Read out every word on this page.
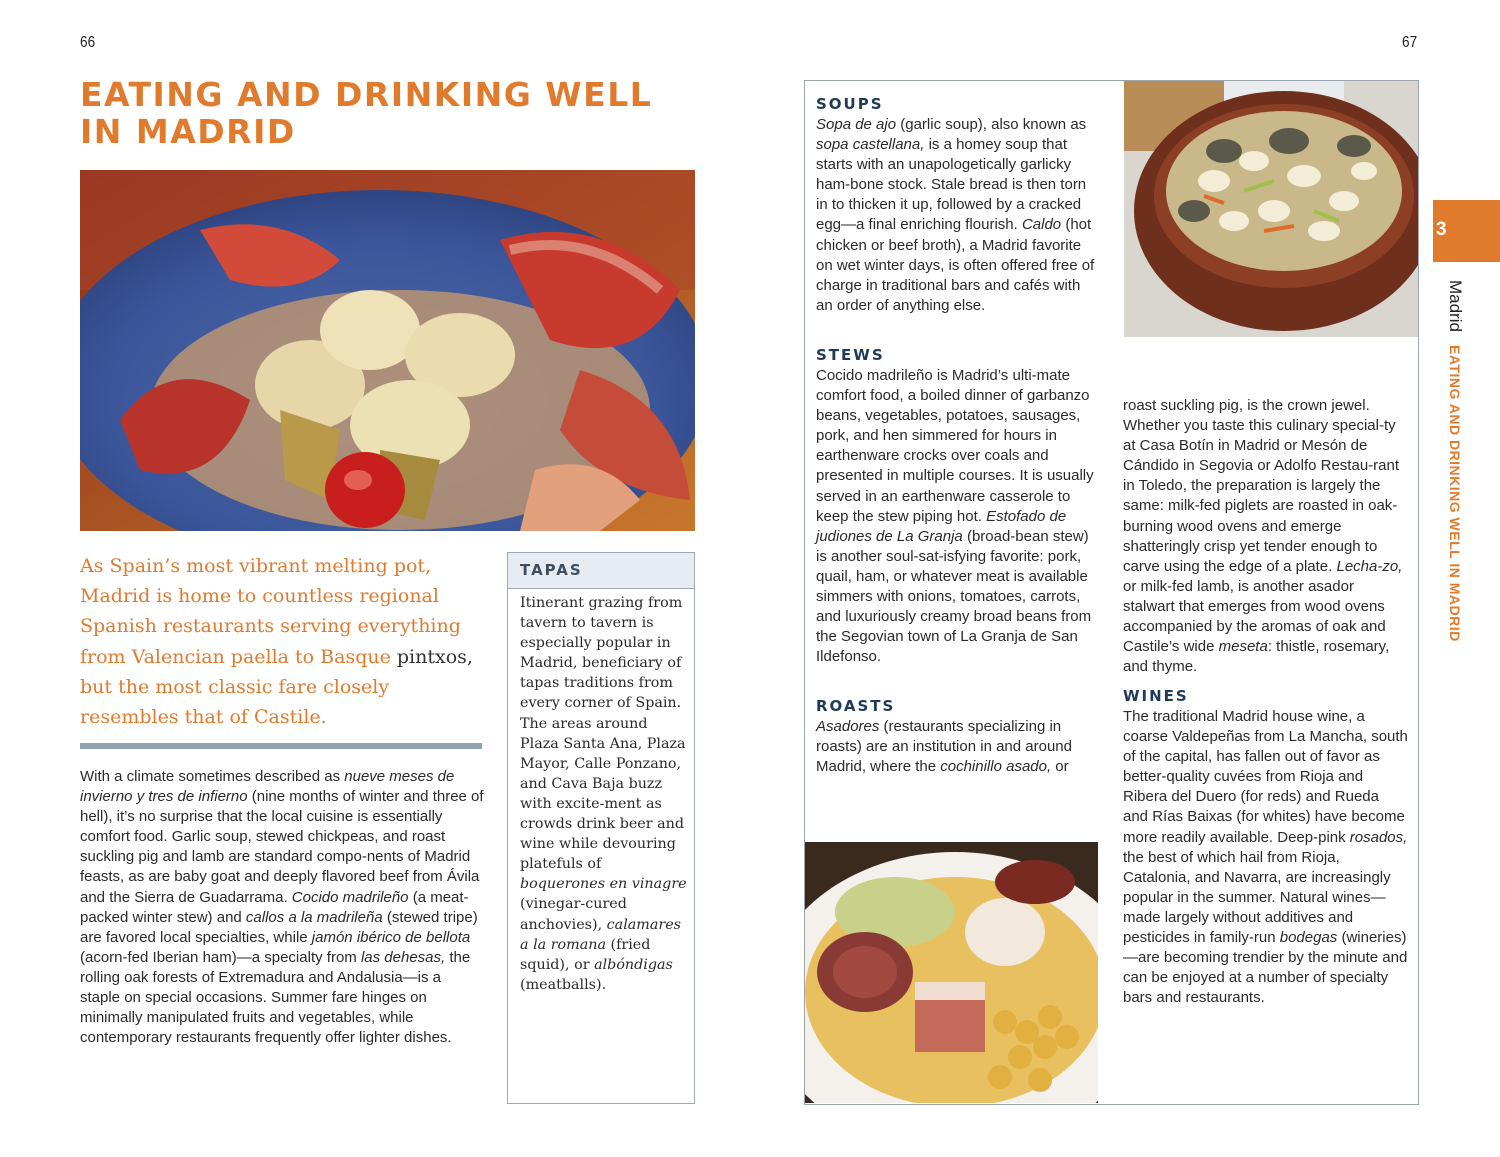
66	67
EATING AND DRINKING WELL IN MADRID
As Spain’s most vibrant melting pot, Madrid is home to countless regional Spanish restaurants serving everything from Valencian paella to Basque pintxos, but the most classic fare closely resembles that of Castile.
With a climate sometimes described as nueve meses de invierno y tres de infierno (nine months of winter and three of hell), it’s no surprise that the local cuisine is essentially comfort food. Garlic soup, stewed chickpeas, and roast suckling pig and lamb are standard compo-nents of Madrid feasts, as are baby goat and deeply flavored beef from Ávila and the Sierra de Guadarrama. Cocido madrileño (a meat-packed winter stew) and callos a la madrileña (stewed tripe) are favored local specialties, while jamón ibérico de bellota (acorn-fed Iberian ham)—a specialty from las dehesas, the rolling oak forests of Extremadura and Andalusia—is a staple on special occasions. Summer fare hinges on minimally manipulated fruits and vegetables, while contemporary restaurants frequently offer lighter dishes.
TAPAS
Itinerant grazing from tavern to tavern is especially popular in Madrid, beneficiary of tapas traditions from every corner of Spain. The areas around Plaza Santa Ana, Plaza Mayor, Calle Ponzano, and Cava Baja buzz with excite-ment as crowds drink beer and wine while devouring platefuls of boquerones en vinagre (vinegar-cured anchovies), calamares a la romana (fried squid), or albóndigas (meatballs).
SOUPS
Sopa de ajo (garlic soup), also known as sopa castellana, is a homey soup that starts with an unapologetically garlicky ham-bone stock. Stale bread is then torn in to thicken it up, followed by a cracked egg—a final enriching flourish. Caldo (hot chicken or beef broth), a Madrid favorite on wet winter days, is often offered free of charge in traditional bars and cafés with an order of anything else.
STEWS
Cocido madrileño is Madrid’s ulti-mate comfort food, a boiled dinner of garbanzo beans, vegetables, potatoes, sausages, pork, and hen simmered for hours in earthenware crocks over coals and presented in multiple courses. It is usually served in an earthenware casserole to keep the stew piping hot. Estofado de judiones de La Granja (broad-bean stew) is another soul-sat-isfying favorite: pork, quail, ham, or whatever meat is available simmers with onions, tomatoes, carrots, and luxuriously creamy broad beans from the Segovian town of La Granja de San Ildefonso.
ROASTS
Asadores (restaurants specializing in roasts) are an institution in and around Madrid, where the cochinillo asado, or
roast suckling pig, is the crown jewel. Whether you taste this culinary special-ty at Casa Botín in Madrid or Mesón de Cándido in Segovia or Adolfo Restau-rant in Toledo, the preparation is largely the same: milk-fed piglets are roasted in oak-burning wood ovens and emerge shatteringly crisp yet tender enough to carve using the edge of a plate. Lecha-zo, or milk-fed lamb, is another asador stalwart that emerges from wood ovens accompanied by the aromas of oak and Castile’s wide meseta: thistle, rosemary, and thyme.
WINES
The traditional Madrid house wine, a coarse Valdepeñas from La Mancha, south of the capital, has fallen out of favor as better-quality cuvées from Rioja and Ribera del Duero (for reds) and Rueda and Rías Baixas (for whites) have become more readily available. Deep-pink rosados, the best of which hail from Rioja, Catalonia, and Navarra, are increasingly popular in the summer. Natural wines—made largely without additives and pesticides in family-run bodegas (wineries)—are becoming trendier by the minute and can be enjoyed at a number of specialty bars and restaurants.
3
Madrid
EATING AND DRINKING WELL IN MADRID
